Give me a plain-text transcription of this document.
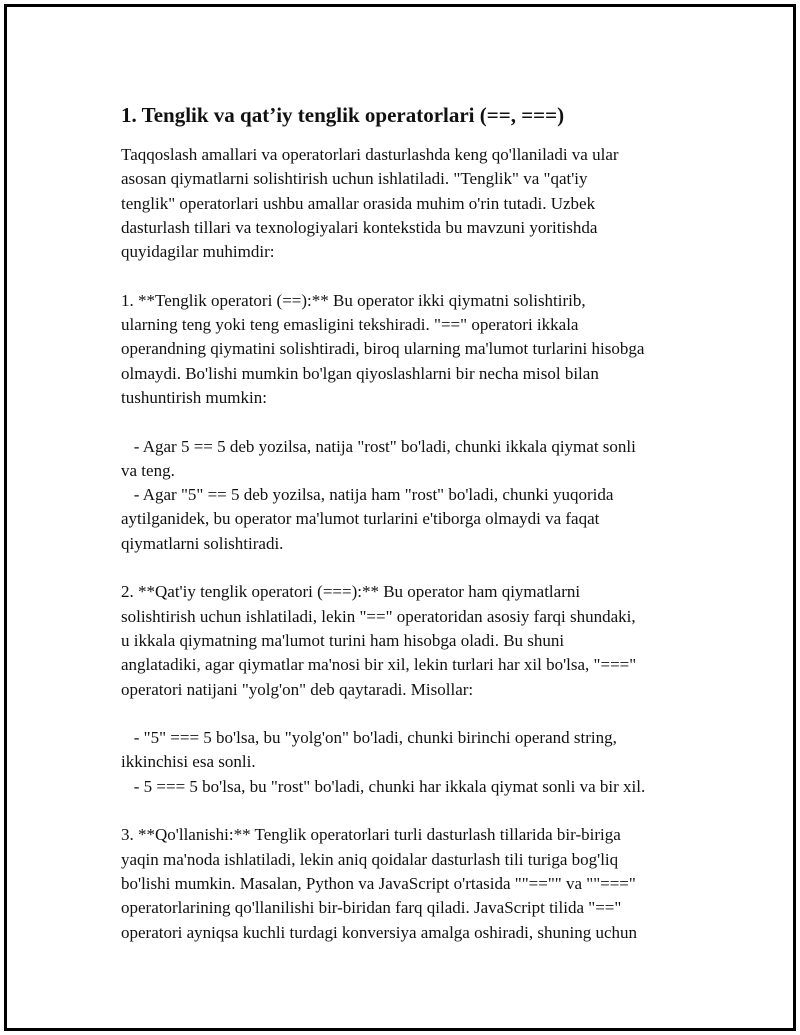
1. Tenglik va qat’iy tenglik operatorlari (==, ===)
Taqqoslash amallari va operatorlari dasturlashda keng qo'llaniladi va ular
asosan qiymatlarni solishtirish uchun ishlatiladi. "Tenglik" va "qat'iy
tenglik" operatorlari ushbu amallar orasida muhim o'rin tutadi. Uzbek
dasturlash tillari va texnologiyalari kontekstida bu mavzuni yoritishda
quyidagilar muhimdir:
1. **Tenglik operatori (==):** Bu operator ikki qiymatni solishtirib,
ularning teng yoki teng emasligini tekshiradi. "==" operatori ikkala
operandning qiymatini solishtiradi, biroq ularning ma'lumot turlarini hisobga
olmaydi. Bo'lishi mumkin bo'lgan qiyoslashlarni bir necha misol bilan
tushuntirish mumkin:
- Agar 5 == 5 deb yozilsa, natija "rost" bo'ladi, chunki ikkala qiymat sonli
va teng.
- Agar "5" == 5 deb yozilsa, natija ham "rost" bo'ladi, chunki yuqorida
aytilganidek, bu operator ma'lumot turlarini e'tiborga olmaydi va faqat
qiymatlarni solishtiradi.
2. **Qat'iy tenglik operatori (===):** Bu operator ham qiymatlarni
solishtirish uchun ishlatiladi, lekin "==" operatoridan asosiy farqi shundaki,
u ikkala qiymatning ma'lumot turini ham hisobga oladi. Bu shuni
anglatadiki, agar qiymatlar ma'nosi bir xil, lekin turlari har xil bo'lsa, "==="
operatori natijani "yolg'on" deb qaytaradi. Misollar:
- "5" === 5 bo'lsa, bu "yolg'on" bo'ladi, chunki birinchi operand string,
ikkinchisi esa sonli.
- 5 === 5 bo'lsa, bu "rost" bo'ladi, chunki har ikkala qiymat sonli va bir xil.
3. **Qo'llanishi:** Tenglik operatorlari turli dasturlash tillarida bir-biriga
yaqin ma'noda ishlatiladi, lekin aniq qoidalar dasturlash tili turiga bog'liq
bo'lishi mumkin. Masalan, Python va JavaScript o'rtasida ""=="" va ""==="
operatorlarining qo'llanilishi bir-biridan farq qiladi. JavaScript tilida "=="
operatori ayniqsa kuchli turdagi konversiya amalga oshiradi, shuning uchun
